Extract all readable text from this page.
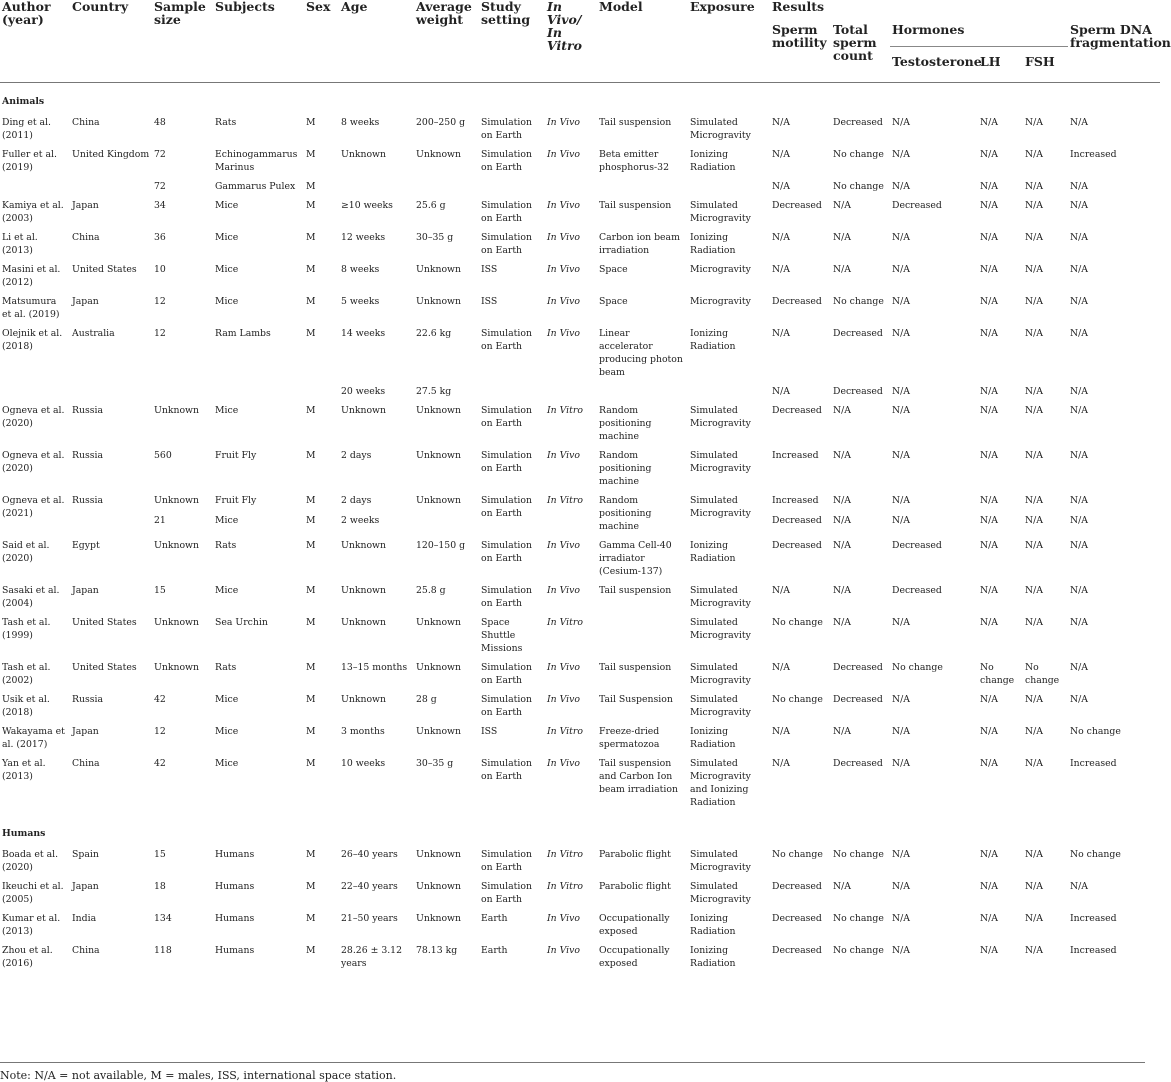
Author (year)	Country	Sample size	Subjects	Sex	Age	Average weight	Study setting	In Vivo/ In Vitro	Model	Exposure	Results					
											Sperm motility	Total sperm count	Hormones			Sperm DNA fragmentation
													Testosterone	LH	FSH	

Animals																
Ding et al. (2011)	China	48	Rats	M	8 weeks	200–250 g	Simulation on Earth	In Vivo	Tail suspension	Simulated Microgravity	N/A	Decreased	N/A	N/A	N/A	N/A
Fuller et al. (2019)	United Kingdom	72	Echinogammarus Marinus	M	Unknown	Unknown	Simulation on Earth	In Vivo	Beta emitter phosphorus-32	Ionizing Radiation	N/A	No change	N/A	N/A	N/A	Increased
		72	Gammarus Pulex	M							N/A	No change	N/A	N/A	N/A	N/A
Kamiya et al. (2003)	Japan	34	Mice	M	≥10 weeks	25.6 g	Simulation on Earth	In Vivo	Tail suspension	Simulated Microgravity	Decreased	N/A	Decreased	N/A	N/A	N/A
Li et al. (2013)	China	36	Mice	M	12 weeks	30–35 g	Simulation on Earth	In Vivo	Carbon ion beam irradiation	Ionizing Radiation	N/A	N/A	N/A	N/A	N/A	N/A
Masini et al. (2012)	United States	10	Mice	M	8 weeks	Unknown	ISS	In Vivo	Space	Microgravity	N/A	N/A	N/A	N/A	N/A	N/A
Matsumura et al. (2019)	Japan	12	Mice	M	5 weeks	Unknown	ISS	In Vivo	Space	Microgravity	Decreased	No change	N/A	N/A	N/A	N/A
Olejnik et al. (2018)	Australia	12	Ram Lambs	M	14 weeks	22.6 kg	Simulation on Earth	In Vivo	Linear accelerator producing photon beam	Ionizing Radiation	N/A	Decreased	N/A	N/A	N/A	N/A
					20 weeks	27.5 kg					N/A	Decreased	N/A	N/A	N/A	N/A
Ogneva et al. (2020)	Russia	Unknown	Mice	M	Unknown	Unknown	Simulation on Earth	In Vitro	Random positioning machine	Simulated Microgravity	Decreased	N/A	N/A	N/A	N/A	N/A
Ogneva et al. (2020)	Russia	560	Fruit Fly	M	2 days	Unknown	Simulation on Earth	In Vivo	Random positioning machine	Simulated Microgravity	Increased	N/A	N/A	N/A	N/A	N/A
Ogneva et al. (2021)	Russia	Unknown	Fruit Fly	M	2 days	Unknown	Simulation on Earth	In Vitro	Random positioning machine	Simulated Microgravity	Increased	N/A	N/A	N/A	N/A	N/A
		21	Mice	M	2 weeks						Decreased	N/A	N/A	N/A	N/A	N/A
Said et al. (2020)	Egypt	Unknown	Rats	M	Unknown	120–150 g	Simulation on Earth	In Vivo	Gamma Cell-40 irradiator (Cesium-137)	Ionizing Radiation	Decreased	N/A	Decreased	N/A	N/A	N/A
Sasaki et al. (2004)	Japan	15	Mice	M	Unknown	25.8 g	Simulation on Earth	In Vivo	Tail suspension	Simulated Microgravity	N/A	N/A	Decreased	N/A	N/A	N/A
Tash et al. (1999)	United States	Unknown	Sea Urchin	M	Unknown	Unknown	Space Shuttle Missions	In Vitro		Simulated Microgravity	No change	N/A	N/A	N/A	N/A	N/A
Tash et al. (2002)	United States	Unknown	Rats	M	13–15 months	Unknown	Simulation on Earth	In Vivo	Tail suspension	Simulated Microgravity	N/A	Decreased	No change	No change	No change	N/A
Usik et al. (2018)	Russia	42	Mice	M	Unknown	28 g	Simulation on Earth	In Vivo	Tail Suspension	Simulated Microgravity	No change	Decreased	N/A	N/A	N/A	N/A
Wakayama et al. (2017)	Japan	12	Mice	M	3 months	Unknown	ISS	In Vitro	Freeze-dried spermatozoa	Ionizing Radiation	N/A	N/A	N/A	N/A	N/A	No change
Yan et al. (2013)	China	42	Mice	M	10 weeks	30–35 g	Simulation on Earth	In Vivo	Tail suspension and Carbon Ion beam irradiation	Simulated Microgravity and Ionizing Radiation	N/A	Decreased	N/A	N/A	N/A	Increased
Humans																
Boada et al. (2020)	Spain	15	Humans	M	26–40 years	Unknown	Simulation on Earth	In Vitro	Parabolic flight	Simulated Microgravity	No change	No change	N/A	N/A	N/A	No change
Ikeuchi et al. (2005)	Japan	18	Humans	M	22–40 years	Unknown	Simulation on Earth	In Vitro	Parabolic flight	Simulated Microgravity	Decreased	N/A	N/A	N/A	N/A	N/A
Kumar et al. (2013)	India	134	Humans	M	21–50 years	Unknown	Earth	In Vivo	Occupationally exposed	Ionizing Radiation	Decreased	No change	N/A	N/A	N/A	Increased
Zhou et al. (2016)	China	118	Humans	M	28.26 ± 3.12 years	78.13 kg	Earth	In Vivo	Occupationally exposed	Ionizing Radiation	Decreased	No change	N/A	N/A	N/A	Increased
Note: N/A = not available, M = males, ISS, international space station.
